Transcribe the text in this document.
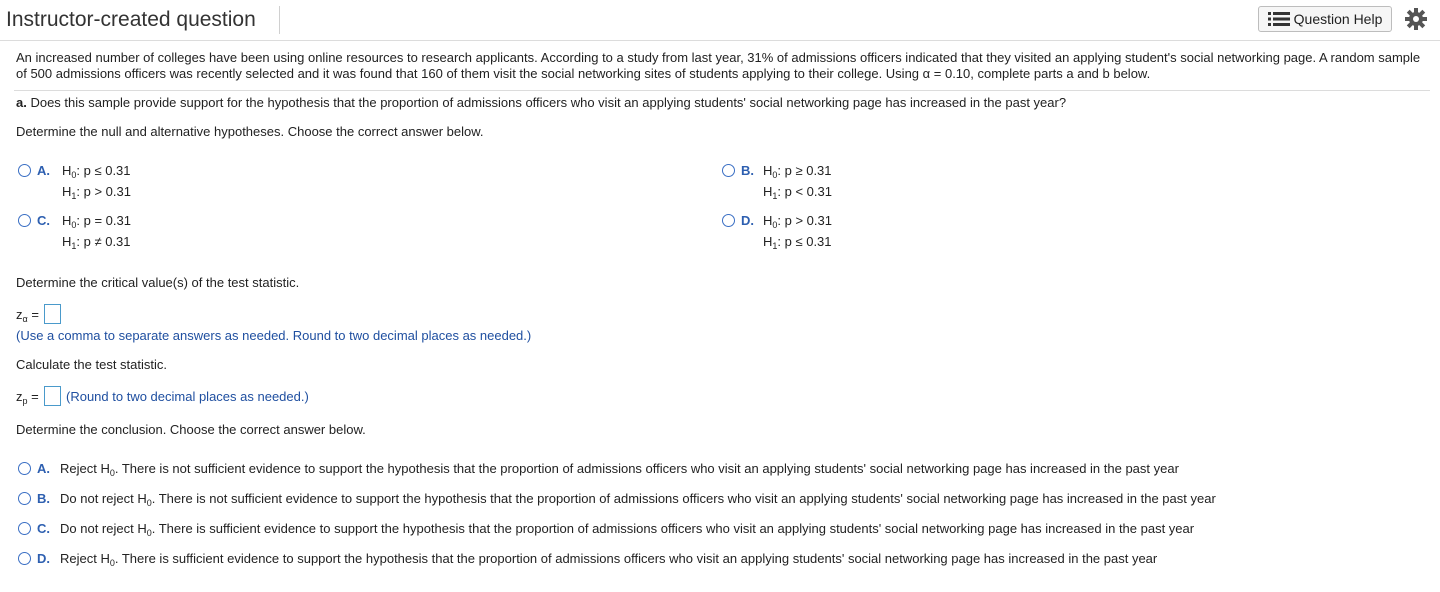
Instructor-created question	Question Help
An increased number of colleges have been using online resources to research applicants. According to a study from last year, 31% of admissions officers indicated that they visited an applying student's social networking page. A random sample
of 500 admissions officers was recently selected and it was found that 160 of them visit the social networking sites of students applying to their college. Using α = 0.10, complete parts a and b below.
a. Does this sample provide support for the hypothesis that the proportion of admissions officers who visit an applying students' social networking page has increased in the past year?
Determine the null and alternative hypotheses. Choose the correct answer below.
A. $H_0$: p ≤ 0.31
$H_1$: p > 0.31
B. $H_0$: p ≥ 0.31
$H_1$: p < 0.31
C. $H_0$: p = 0.31
$H_1$: p ≠ 0.31
D. $H_0$: p > 0.31
$H_1$: p ≤ 0.31
Determine the critical value(s) of the test statistic.
$z_\alpha$ =
(Use a comma to separate answers as needed. Round to two decimal places as needed.)
Calculate the test statistic.
$z_p$ = (Round to two decimal places as needed.)
Determine the conclusion. Choose the correct answer below.
A. Reject $H_0$. There is not sufficient evidence to support the hypothesis that the proportion of admissions officers who visit an applying students' social networking page has increased in the past year
B. Do not reject $H_0$. There is not sufficient evidence to support the hypothesis that the proportion of admissions officers who visit an applying students' social networking page has increased in the past year
C. Do not reject $H_0$. There is sufficient evidence to support the hypothesis that the proportion of admissions officers who visit an applying students' social networking page has increased in the past year
D. Reject $H_0$. There is sufficient evidence to support the hypothesis that the proportion of admissions officers who visit an applying students' social networking page has increased in the past year
